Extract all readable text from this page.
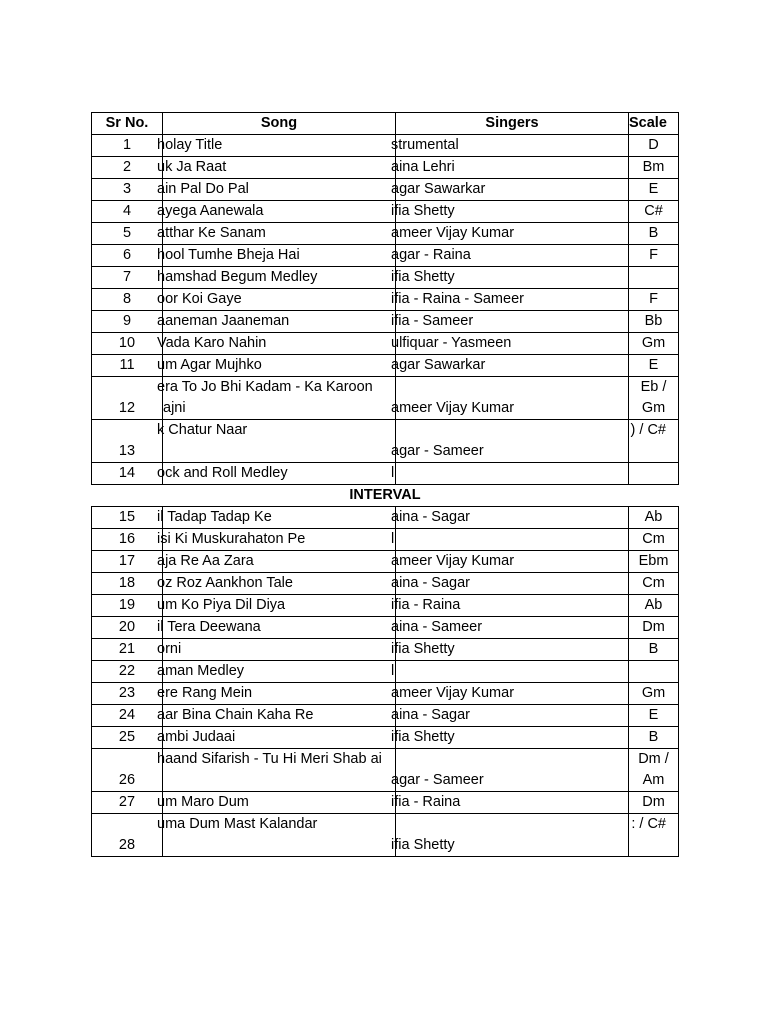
Sr No.	Song	Singers	Scale
1	holay Title	strumental	D
2	uk Ja Raat	aina Lehri	Bm
3	ain Pal Do Pal	agar Sawarkar	E
4	ayega Aanewala	ifia Shetty	C#
5	atthar Ke Sanam	ameer Vijay Kumar	B
6	hool Tumhe Bheja Hai	agar - Raina	F
7	hamshad Begum Medley	ifia Shetty	
8	oor Koi Gaye	ifia - Raina - Sameer	F
9	aaneman Jaaneman	ifia - Sameer	Bb
10	Vada Karo Nahin	ulfiquar - Yasmeen	Gm
11	um Agar Mujhko	agar Sawarkar	E
12	era To Jo Bhi Kadam - Ka Karoon ajni	ameer Vijay Kumar	Eb / Gm
13	k Chatur Naar	agar - Sameer	) / C#
14	ock and Roll Medley	l	
INTERVAL			
15	il Tadap Tadap Ke	aina - Sagar	Ab
16	isi Ki Muskurahaton Pe	l	Cm
17	aja Re Aa Zara	ameer Vijay Kumar	Ebm
18	oz Roz Aankhon Tale	aina - Sagar	Cm
19	um Ko Piya Dil Diya	ifia - Raina	Ab
20	il Tera Deewana	aina - Sameer	Dm
21	orni	ifia Shetty	B
22	aman Medley	l	
23	ere Rang Mein	ameer Vijay Kumar	Gm
24	aar Bina Chain Kaha Re	aina - Sagar	E
25	ambi Judaai	ifia Shetty	B
26	haand Sifarish - Tu Hi Meri Shab ai	agar - Sameer	Dm / Am
27	um Maro Dum	ifia - Raina	Dm
28	uma Dum Mast Kalandar	ifia Shetty	: / C#
